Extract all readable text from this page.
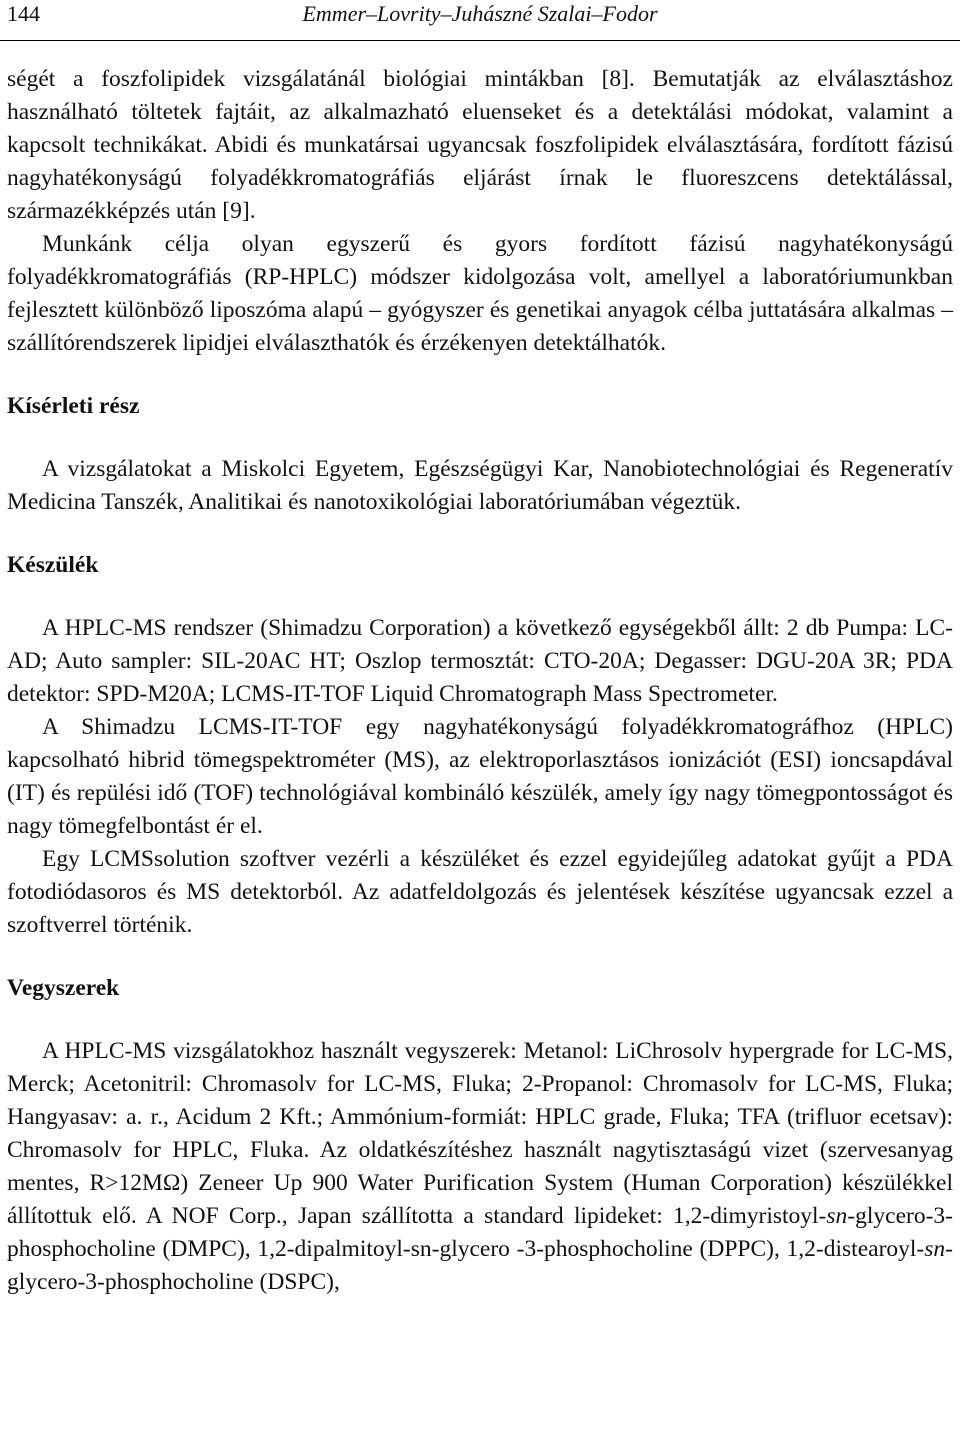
144	Emmer–Lovrity–Juhászné Szalai–Fodor

ségét a foszfolipidek vizsgálatánál biológiai mintákban [8]. Bemutatják az elválasztáshoz használható töltetek fajtáit, az alkalmazható eluenseket és a detektálási módokat, valamint a kapcsolt technikákat. Abidi és munkatársai ugyancsak foszfolipidek elválasztására, fordított fázisú nagyhatékonyságú folyadékkromatográfiás eljárást írnak le fluoreszcens detektálással, származékképzés után [9].

Munkánk célja olyan egyszerű és gyors fordított fázisú nagyhatékonyságú folyadékkromatográfiás (RP-HPLC) módszer kidolgozása volt, amellyel a laboratóriumunkban fejlesztett különböző liposzóma alapú – gyógyszer és genetikai anyagok célba juttatására alkalmas – szállítórendszerek lipidjei elválaszthatók és érzékenyen detektálhatók.

Kísérleti rész

A vizsgálatokat a Miskolci Egyetem, Egészségügyi Kar, Nanobiotechnológiai és Regeneratív Medicina Tanszék, Analitikai és nanotoxikológiai laboratóriumában végeztük.

Készülék

A HPLC-MS rendszer (Shimadzu Corporation) a következő egységekből állt: 2 db Pumpa: LC-AD; Auto sampler: SIL-20AC HT; Oszlop termosztát: CTO-20A; Degasser: DGU-20A 3R; PDA detektor: SPD-M20A; LCMS-IT-TOF Liquid Chromatograph Mass Spectrometer.

A Shimadzu LCMS-IT-TOF egy nagyhatékonyságú folyadékkromatográfhoz (HPLC) kapcsolható hibrid tömegspektrométer (MS), az elektroporlasztásos ionizációt (ESI) ioncsapdával (IT) és repülési idő (TOF) technológiával kombináló készülék, amely így nagy tömegpontosságot és nagy tömegfelbontást ér el.

Egy LCMSsolution szoftver vezérli a készüléket és ezzel egyidejűleg adatokat gyűjt a PDA fotodiódasoros és MS detektorból. Az adatfeldolgozás és jelentések készítése ugyancsak ezzel a szoftverrel történik.

Vegyszerek

A HPLC-MS vizsgálatokhoz használt vegyszerek: Metanol: LiChrosolv hypergrade for LC-MS, Merck; Acetonitril: Chromasolv for LC-MS, Fluka; 2-Propanol: Chromasolv for LC-MS, Fluka; Hangyasav: a. r., Acidum 2 Kft.; Ammónium-formiát: HPLC grade, Fluka; TFA (trifluor ecetsav): Chromasolv for HPLC, Fluka. Az oldatkészítéshez használt nagytisztaságú vizet (szervesanyag mentes, R>12MΩ) Zeneer Up 900 Water Purification System (Human Corporation) készülékkel állítottuk elő. A NOF Corp., Japan szállította a standard lipideket: 1,2-dimyristoyl-sn-glycero-3-phosphocholine (DMPC), 1,2-dipalmitoyl-sn-glycero -3-phosphocholine (DPPC), 1,2-distearoyl-sn-glycero-3-phosphocholine (DSPC),
